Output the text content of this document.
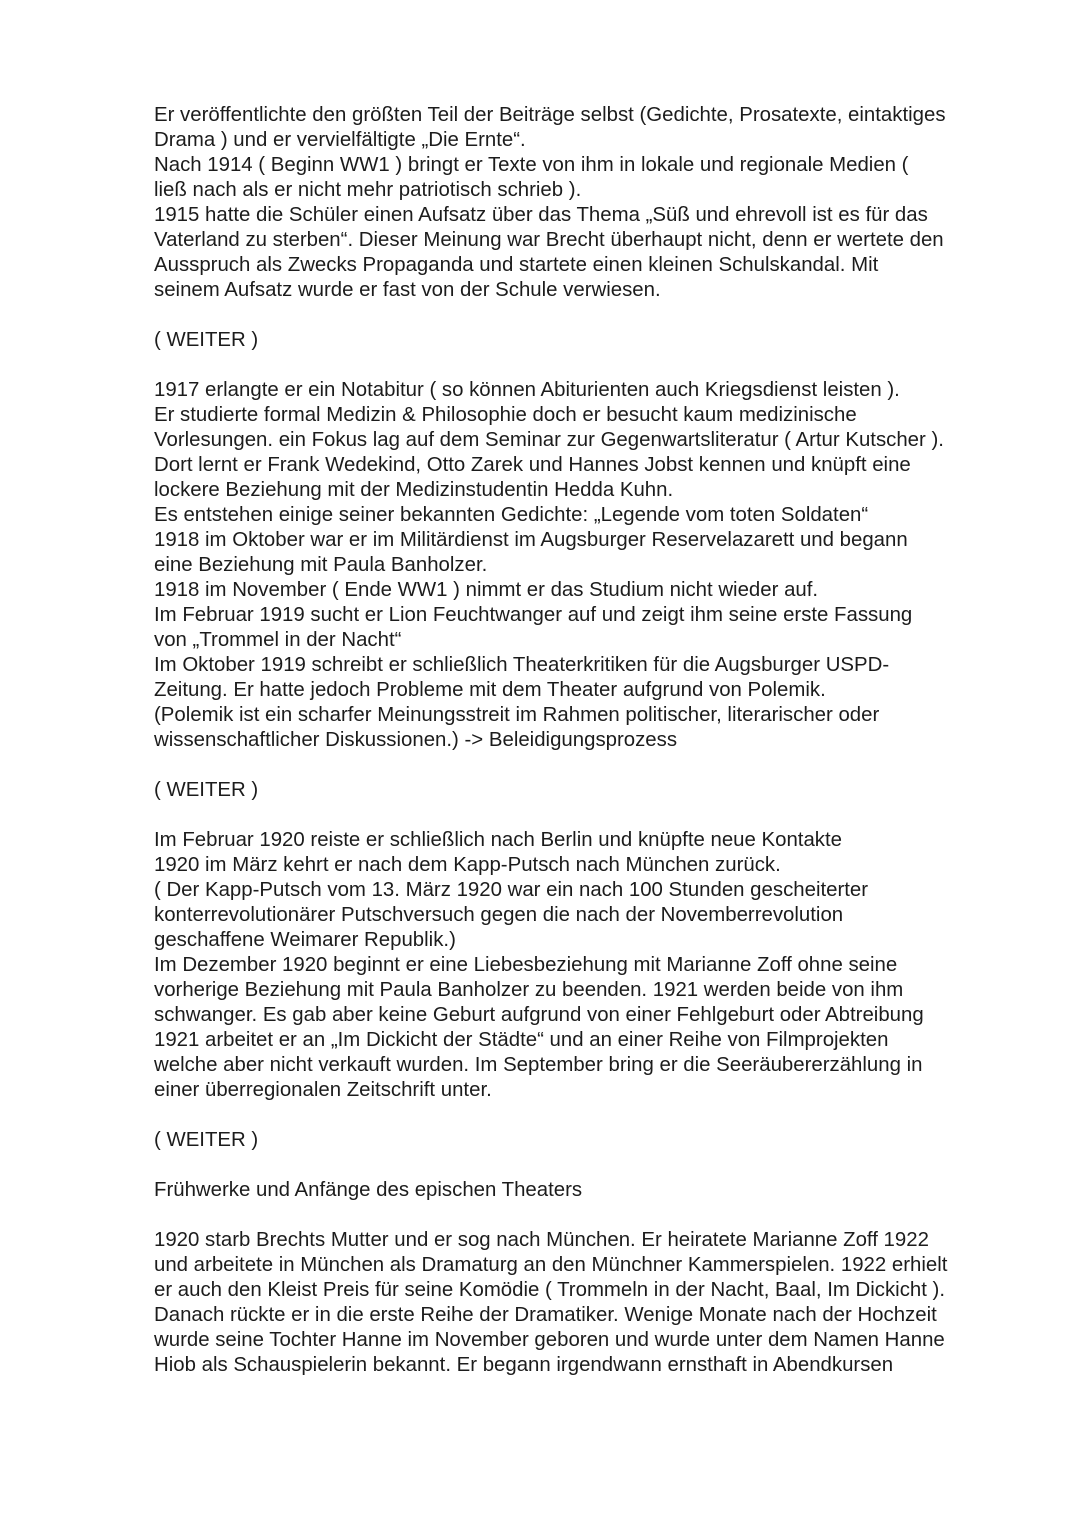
Er veröffentlichte den größten Teil der Beiträge selbst (Gedichte, Prosatexte, eintaktiges
Drama ) und er vervielfältigte „Die Ernte“.
Nach 1914 ( Beginn WW1 ) bringt er Texte von ihm in lokale und regionale Medien (
ließ nach als er nicht mehr patriotisch schrieb ).
1915 hatte die Schüler einen Aufsatz über das Thema „Süß und ehrevoll ist es für das
Vaterland zu sterben“. Dieser Meinung war Brecht überhaupt nicht, denn er wertete den
Ausspruch als Zwecks Propaganda und startete einen kleinen Schulskandal. Mit
seinem Aufsatz wurde er fast von der Schule verwiesen.
( WEITER )
1917 erlangte er ein Notabitur ( so können Abiturienten auch Kriegsdienst leisten ).
Er studierte formal Medizin & Philosophie doch er besucht kaum medizinische
Vorlesungen. ein Fokus lag auf dem Seminar zur Gegenwartsliteratur ( Artur Kutscher ).
Dort lernt er Frank Wedekind, Otto Zarek und Hannes Jobst kennen und knüpft eine
lockere Beziehung mit der Medizinstudentin Hedda Kuhn.
Es entstehen einige seiner bekannten Gedichte: „Legende vom toten Soldaten“
1918 im Oktober war er im Militärdienst im Augsburger Reservelazarett und begann
eine Beziehung mit Paula Banholzer.
1918 im November ( Ende WW1 ) nimmt er das Studium nicht wieder auf.
Im Februar 1919 sucht er Lion Feuchtwanger auf und zeigt ihm seine erste Fassung
von „Trommel in der Nacht“
Im Oktober 1919 schreibt er schließlich Theaterkritiken für die Augsburger USPD-
Zeitung. Er hatte jedoch Probleme mit dem Theater aufgrund von Polemik.
(Polemik ist ein scharfer Meinungsstreit im Rahmen politischer, literarischer oder
wissenschaftlicher Diskussionen.) -> Beleidigungsprozess
( WEITER )
Im Februar 1920 reiste er schließlich nach Berlin und knüpfte neue Kontakte
1920 im März kehrt er nach dem Kapp-Putsch nach München zurück.
( Der Kapp-Putsch vom 13. März 1920 war ein nach 100 Stunden gescheiterter
konterrevolutionärer Putschversuch gegen die nach der Novemberrevolution
geschaffene Weimarer Republik.)
Im Dezember 1920 beginnt er eine Liebesbeziehung mit Marianne Zoff ohne seine
vorherige Beziehung mit Paula Banholzer zu beenden. 1921 werden beide von ihm
schwanger. Es gab aber keine Geburt aufgrund von einer Fehlgeburt oder Abtreibung
1921 arbeitet er an „Im Dickicht der Städte“ und an einer Reihe von Filmprojekten
welche aber nicht verkauft wurden. Im September bring er die Seeräubererzählung in
einer überregionalen Zeitschrift unter.
( WEITER )
Frühwerke und Anfänge des epischen Theaters
1920 starb Brechts Mutter und er sog nach München. Er heiratete Marianne Zoff 1922
und arbeitete in München als Dramaturg an den Münchner Kammerspielen. 1922 erhielt
er auch den Kleist Preis für seine Komödie ( Trommeln in der Nacht, Baal, Im Dickicht ).
Danach rückte er in die erste Reihe der Dramatiker. Wenige Monate nach der Hochzeit
wurde seine Tochter Hanne im November geboren und wurde unter dem Namen Hanne
Hiob als Schauspielerin bekannt. Er begann irgendwann ernsthaft in Abendkursen
